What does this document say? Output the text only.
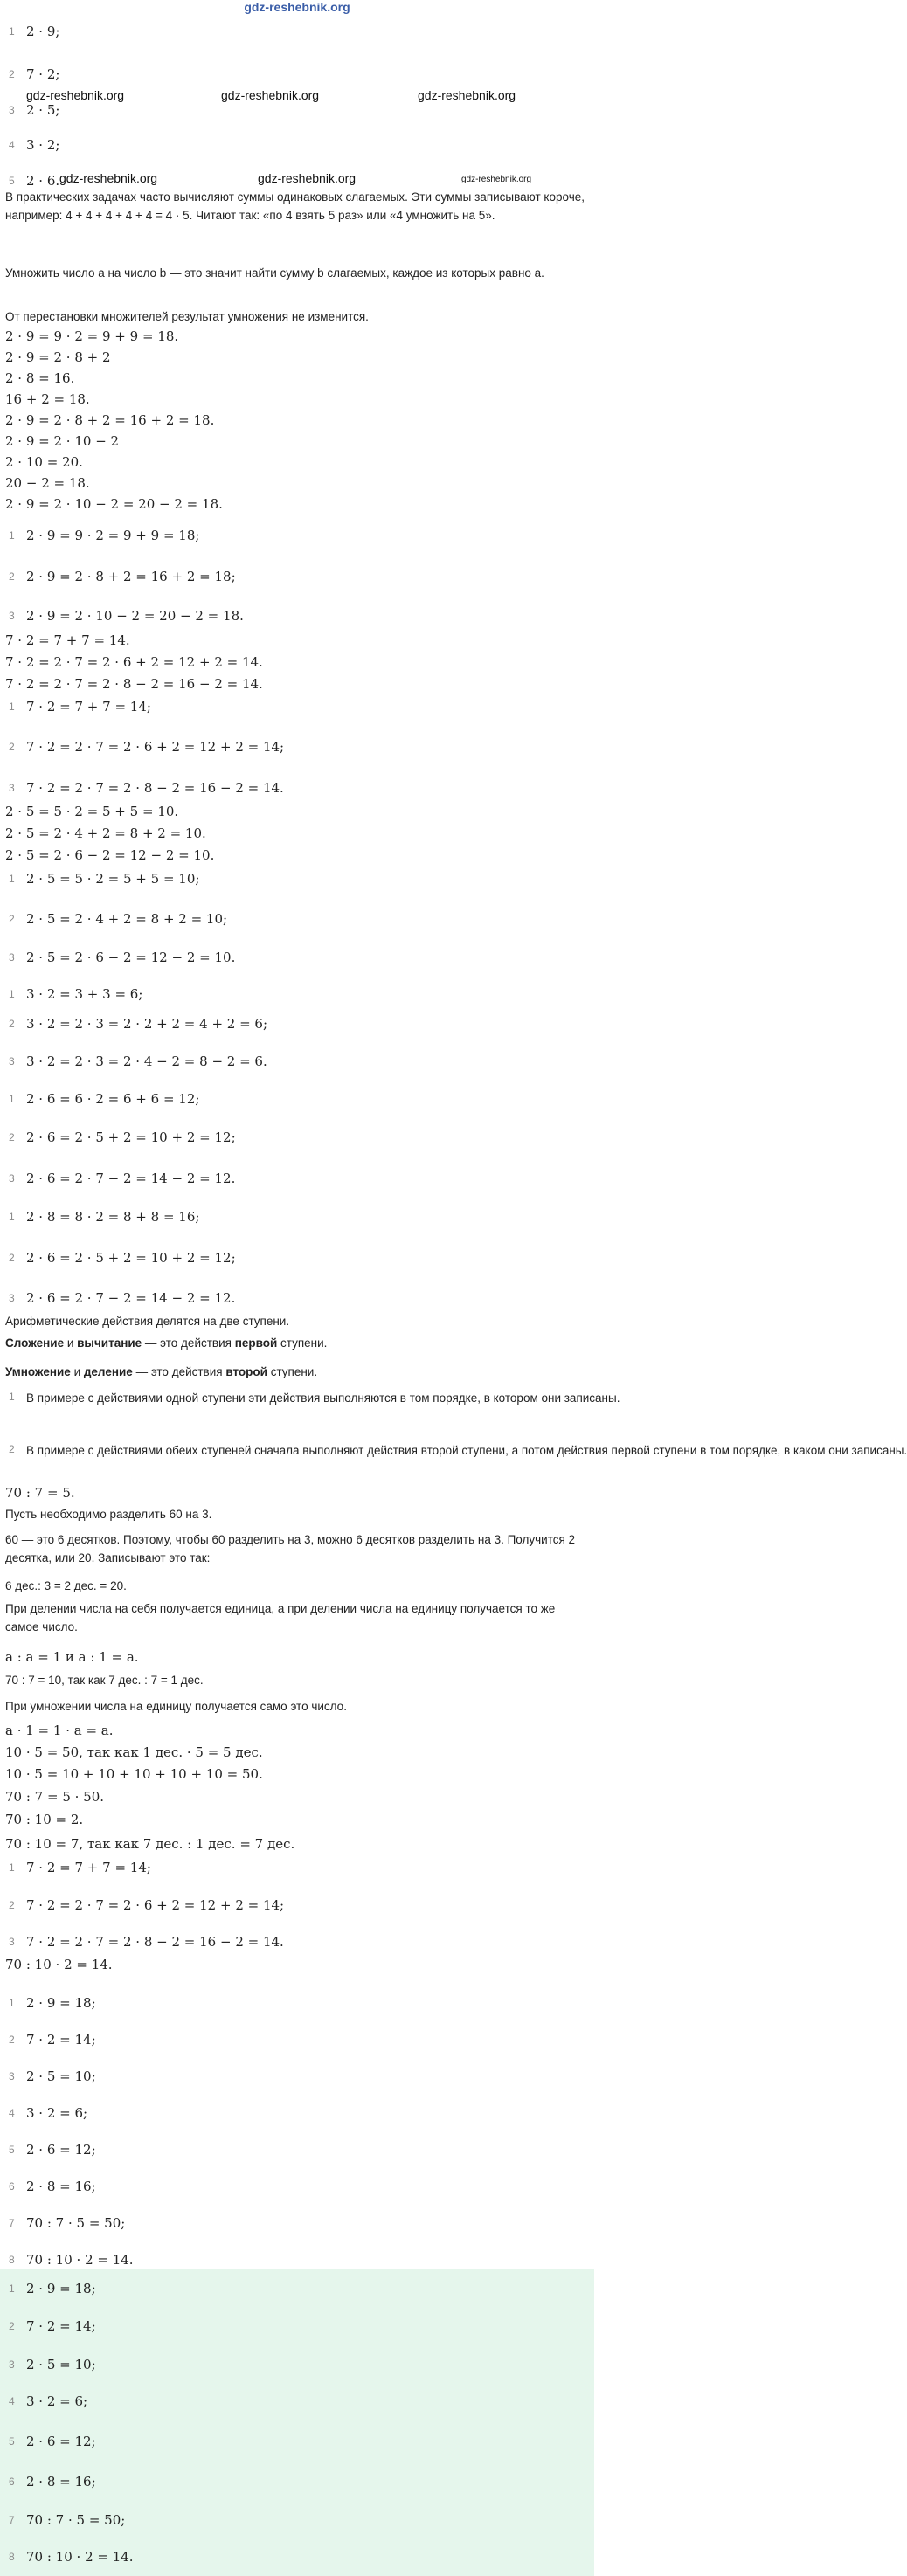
gdz-reshebnik.org
1 2 · 9;
2 7 · 2;
3 2 · 5;
4 3 · 2;
5 2 · 6.
В практических задачах часто вычисляют суммы одинаковых слагаемых. Эти суммы записывают короче, например: 4 + 4 + 4 + 4 + 4 = 4 · 5. Читают так: «по 4 взять 5 раз» или «4 умножить на 5».
Умножить число a на число b — это значит найти сумму b слагаемых, каждое из которых равно a.
От перестановки множителей результат умножения не изменится.
2 · 9 = 9 · 2 = 9 + 9 = 18.
2 · 9 = 2 · 8 + 2
2 · 8 = 16.
16 + 2 = 18.
2 · 9 = 2 · 8 + 2 = 16 + 2 = 18.
2 · 9 = 2 · 10 − 2
2 · 10 = 20.
20 − 2 = 18.
2 · 9 = 2 · 10 − 2 = 20 − 2 = 18.
1 2 · 9 = 9 · 2 = 9 + 9 = 18;
2 2 · 9 = 2 · 8 + 2 = 16 + 2 = 18;
3 2 · 9 = 2 · 10 − 2 = 20 − 2 = 18.
7 · 2 = 7 + 7 = 14.
7 · 2 = 2 · 7 = 2 · 6 + 2 = 12 + 2 = 14.
7 · 2 = 2 · 7 = 2 · 8 − 2 = 16 − 2 = 14.
1 7 · 2 = 7 + 7 = 14;
2 7 · 2 = 2 · 7 = 2 · 6 + 2 = 12 + 2 = 14;
3 7 · 2 = 2 · 7 = 2 · 8 − 2 = 16 − 2 = 14.
2 · 5 = 5 · 2 = 5 + 5 = 10.
2 · 5 = 2 · 4 + 2 = 8 + 2 = 10.
2 · 5 = 2 · 6 − 2 = 12 − 2 = 10.
1 2 · 5 = 5 · 2 = 5 + 5 = 10;
2 2 · 5 = 2 · 4 + 2 = 8 + 2 = 10;
3 2 · 5 = 2 · 6 − 2 = 12 − 2 = 10.
1 3 · 2 = 3 + 3 = 6;
2 3 · 2 = 2 · 3 = 2 · 2 + 2 = 4 + 2 = 6;
3 3 · 2 = 2 · 3 = 2 · 4 − 2 = 8 − 2 = 6.
1 2 · 6 = 6 · 2 = 6 + 6 = 12;
2 2 · 6 = 2 · 5 + 2 = 10 + 2 = 12;
3 2 · 6 = 2 · 7 − 2 = 14 − 2 = 12.
1 2 · 8 = 8 · 2 = 8 + 8 = 16;
2 2 · 6 = 2 · 5 + 2 = 10 + 2 = 12;
3 2 · 6 = 2 · 7 − 2 = 14 − 2 = 12.
Арифметические действия делятся на две ступени.
Сложение и вычитание — это действия первой ступени.
Умножение и деление — это действия второй ступени.
1 В примере с действиями одной ступени эти действия выполняются в том порядке, в котором они записаны.
2 В примере с действиями обеих ступеней сначала выполняют действия второй ступени, а потом действия первой ступени в том порядке, в каком они записаны.
70 : 7 = 5.
Пусть необходимо разделить 60 на 3.
60 — это 6 десятков. Поэтому, чтобы 60 разделить на 3, можно 6 десятков разделить на 3. Получится 2 десятка, или 20. Записывают это так:
6 дес.: 3 = 2 дес. = 20.
При делении числа на себя получается единица, а при делении числа на единицу получается то же самое число.
a : a = 1 и a : 1 = a.
70 : 7 = 10, так как 7 дес. : 7 = 1 дес.
При умножении числа на единицу получается само это число.
a · 1 = 1 · a = a.
10 · 5 = 50, так как 1 дес. · 5 = 5 дес.
10 · 5 = 10 + 10 + 10 + 10 + 10 = 50.
70 : 7 = 5 · 50.
70 : 10 = 2.
70 : 10 = 7, так как 7 дес. : 1 дес. = 7 дес.
1 7 · 2 = 7 + 7 = 14;
2 7 · 2 = 2 · 7 = 2 · 6 + 2 = 12 + 2 = 14;
3 7 · 2 = 2 · 7 = 2 · 8 − 2 = 16 − 2 = 14.
70 : 10 · 2 = 14.
1 2 · 9 = 18;
2 7 · 2 = 14;
3 2 · 5 = 10;
4 3 · 2 = 6;
5 2 · 6 = 12;
6 2 · 8 = 16;
7 70 : 7 · 5 = 50;
8 70 : 10 · 2 = 14.
1 2 · 9 = 18;
2 7 · 2 = 14;
3 2 · 5 = 10;
4 3 · 2 = 6;
5 2 · 6 = 12;
6 2 · 8 = 16;
7 70 : 7 · 5 = 50;
8 70 : 10 · 2 = 14.
gdz-reshebnik.org	gdz-reshebnik.org	gdz-reshebnik.org
gdz-reshebnik.org	gdz-reshebnik.org	gdz-reshebnik.org
